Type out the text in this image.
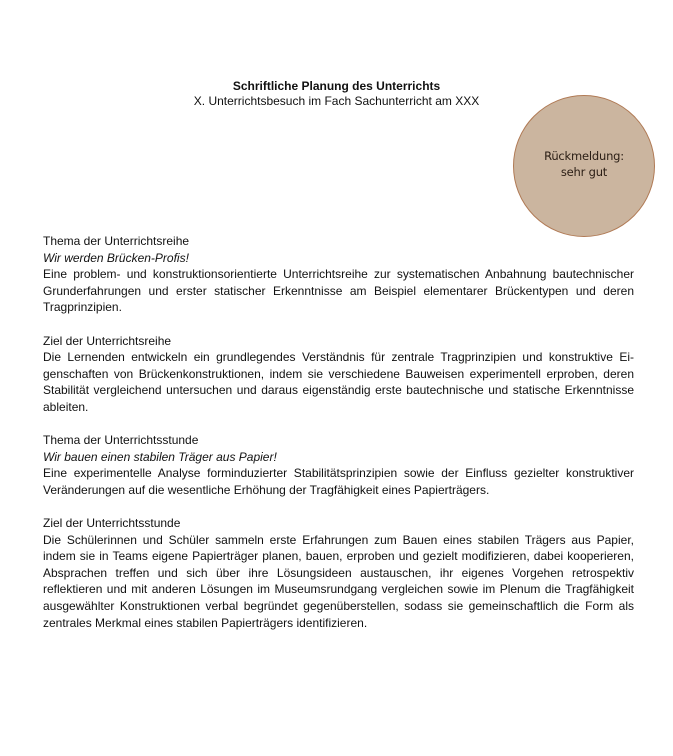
Schriftliche Planung des Unterrichts
X. Unterrichtsbesuch im Fach Sachunterricht am XXX
Rückmeldung:
sehr gut

Thema der Unterrichtsreihe

Wir werden Brücken-Profis!

Eine problem- und konstruktionsorientierte Unterrichtsreihe zur systematischen Anbahnung bautechnischer Grunderfahrungen und erster statischer Erkenntnisse am Beispiel elementarer Brückentypen und deren Tragprinzipien.

Ziel der Unterrichtsreihe

Die Lernenden entwickeln ein grundlegendes Verständnis für zentrale Tragprinzipien und konstruktive Eigenschaften von Brückenkonstruktionen, indem sie verschiedene Bauweisen experimentell erproben, deren Stabilität vergleichend untersuchen und daraus eigenständig erste bautechnische und statische Erkenntnisse ableiten.

Thema der Unterrichtsstunde

Wir bauen einen stabilen Träger aus Papier!

Eine experimentelle Analyse forminduzierter Stabilitätsprinzipien sowie der Einfluss gezielter konstruktiver Veränderungen auf die wesentliche Erhöhung der Tragfähigkeit eines Papierträgers.

Ziel der Unterrichtsstunde

Die Schülerinnen und Schüler sammeln erste Erfahrungen zum Bauen eines stabilen Trägers aus Papier, indem sie in Teams eigene Papierträger planen, bauen, erproben und gezielt modifizieren, dabei kooperieren, Absprachen treffen und sich über ihre Lösungsideen austauschen, ihr eigenes Vorgehen retrospektiv reflektieren und mit anderen Lösungen im Museumsrundgang vergleichen sowie im Plenum die Tragfähigkeit ausgewählter Konstruktionen verbal begründet gegenüberstellen, sodass sie gemeinschaftlich die Form als zentrales Merkmal eines stabilen Papierträgers identifizieren.
